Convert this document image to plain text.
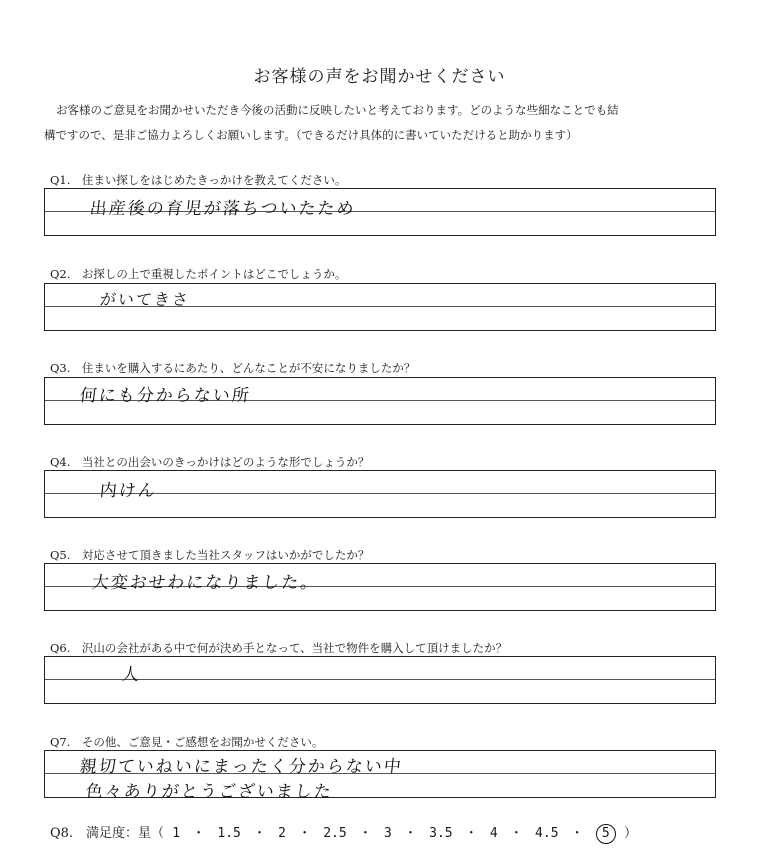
お客様の声をお聞かせください
お客様のご意見をお聞かせいただき今後の活動に反映したいと考えております。どのような些細なことでも結
構ですので、是非ご協力よろしくお願いします。（できるだけ具体的に書いていただけると助かります）
Q1.　住まい探しをはじめたきっかけを教えてください。
出産後の育児が落ちついたため
Q2.　お探しの上で重視したポイントはどこでしょうか。
がいてきさ
Q3.　住まいを購入するにあたり、どんなことが不安になりましたか？
何にも分からない所
Q4.　当社との出会いのきっかけはどのような形でしょうか？
内けん
Q5.　対応させて頂きました当社スタッフはいかがでしたか？
大変おせわになりました。
Q6.　沢山の会社がある中で何が決め手となって、当社で物件を購入して頂けましたか？
人
Q7.　その他、ご意見・ご感想をお聞かせください。
親切ていねいにまったく分からない中
色々ありがとうございました
Q8.　満足度：星（ 1 ・ 1.5 ・ 2 ・ 2.5 ・ 3 ・ 3.5 ・ 4 ・ 4.5 ・ 5 ）
